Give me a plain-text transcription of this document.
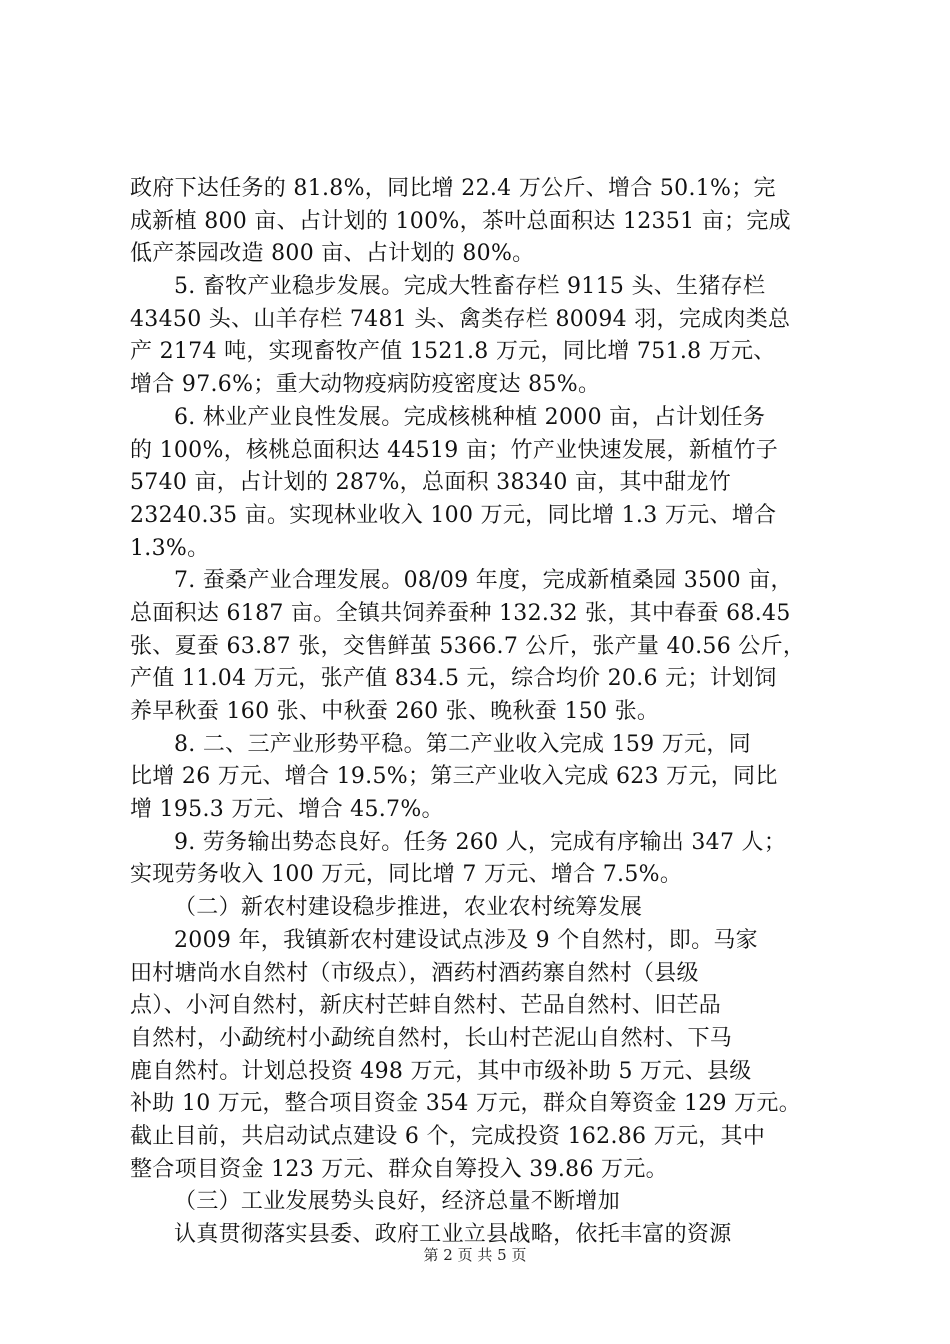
政府下达任务的 81.8%，同比增 22.4 万公斤、增合 50.1%；完
成新植 800 亩、占计划的 100%，茶叶总面积达 12351 亩；完成
低产茶园改造 800 亩、占计划的 80%。
5. 畜牧产业稳步发展。完成大牲畜存栏 9115 头、生猪存栏
43450 头、山羊存栏 7481 头、禽类存栏 80094 羽，完成肉类总
产 2174 吨，实现畜牧产值 1521.8 万元，同比增 751.8 万元、
增合 97.6%；重大动物疫病防疫密度达 85%。
6. 林业产业良性发展。完成核桃种植 2000 亩，占计划任务
的 100%，核桃总面积达 44519 亩；竹产业快速发展，新植竹子
5740 亩，占计划的 287%，总面积 38340 亩，其中甜龙竹
23240.35 亩。实现林业收入 100 万元，同比增 1.3 万元、增合
1.3%。
7. 蚕桑产业合理发展。08/09 年度，完成新植桑园 3500 亩，
总面积达 6187 亩。全镇共饲养蚕种 132.32 张，其中春蚕 68.45
张、夏蚕 63.87 张，交售鲜茧 5366.7 公斤，张产量 40.56 公斤，
产值 11.04 万元，张产值 834.5 元，综合均价 20.6 元；计划饲
养早秋蚕 160 张、中秋蚕 260 张、晚秋蚕 150 张。
8. 二、三产业形势平稳。第二产业收入完成 159 万元，同
比增 26 万元、增合 19.5%；第三产业收入完成 623 万元，同比
增 195.3 万元、增合 45.7%。
9. 劳务输出势态良好。任务 260 人，完成有序输出 347 人；
实现劳务收入 100 万元，同比增 7 万元、增合 7.5%。
（二）新农村建设稳步推进，农业农村统筹发展
2009 年，我镇新农村建设试点涉及 9 个自然村，即。马家
田村塘尚水自然村（市级点），酒药村酒药寨自然村（县级
点）、小河自然村，新庆村芒蚌自然村、芒品自然村、旧芒品
自然村，小勐统村小勐统自然村，长山村芒泥山自然村、下马
鹿自然村。计划总投资 498 万元，其中市级补助 5 万元、县级
补助 10 万元，整合项目资金 354 万元，群众自筹资金 129 万元。
截止目前，共启动试点建设 6 个，完成投资 162.86 万元，其中
整合项目资金 123 万元、群众自筹投入 39.86 万元。
（三）工业发展势头良好，经济总量不断增加
认真贯彻落实县委、政府工业立县战略，依托丰富的资源
第 2 页 共 5 页
